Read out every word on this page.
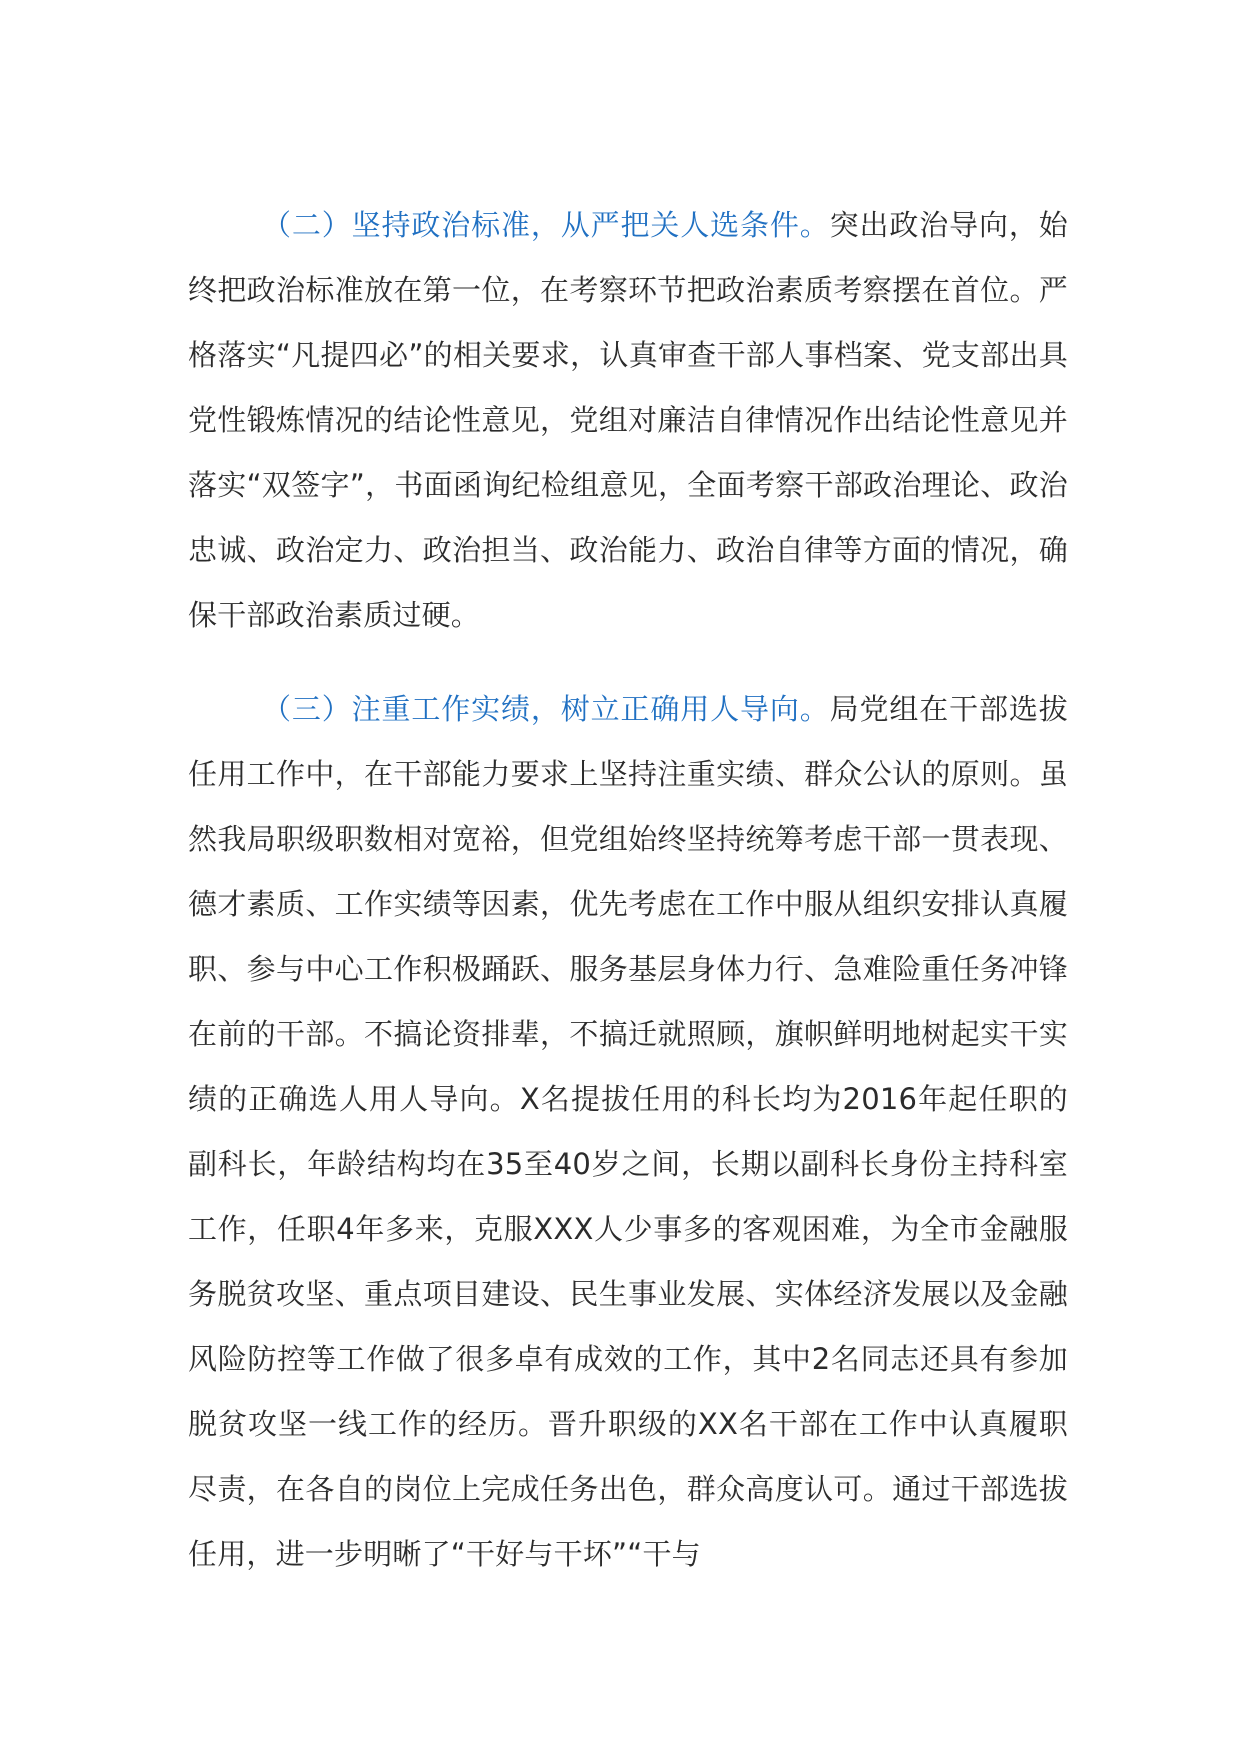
（二）坚持政治标准，从严把关人选条件。突出政治导向，始终把政治标准放在第一位，在考察环节把政治素质考察摆在首位。严格落实“凡提四必”的相关要求，认真审查干部人事档案、党支部出具党性锻炼情况的结论性意见，党组对廉洁自律情况作出结论性意见并落实“双签字”，书面函询纪检组意见，全面考察干部政治理论、政治忠诚、政治定力、政治担当、政治能力、政治自律等方面的情况，确保干部政治素质过硬。

（三）注重工作实绩，树立正确用人导向。局党组在干部选拔任用工作中，在干部能力要求上坚持注重实绩、群众公认的原则。虽然我局职级职数相对宽裕，但党组始终坚持统筹考虑干部一贯表现、德才素质、工作实绩等因素，优先考虑在工作中服从组织安排认真履职、参与中心工作积极踊跃、服务基层身体力行、急难险重任务冲锋在前的干部。不搞论资排辈，不搞迁就照顾，旗帜鲜明地树起实干实绩的正确选人用人导向。X名提拔任用的科长均为2016年起任职的副科长，年龄结构均在35至40岁之间，长期以副科长身份主持科室工作，任职4年多来，克服XXX人少事多的客观困难，为全市金融服务脱贫攻坚、重点项目建设、民生事业发展、实体经济发展以及金融风险防控等工作做了很多卓有成效的工作，其中2名同志还具有参加脱贫攻坚一线工作的经历。晋升职级的XX名干部在工作中认真履职尽责，在各自的岗位上完成任务出色，群众高度认可。通过干部选拔任用，进一步明晰了“干好与干坏”“干与
